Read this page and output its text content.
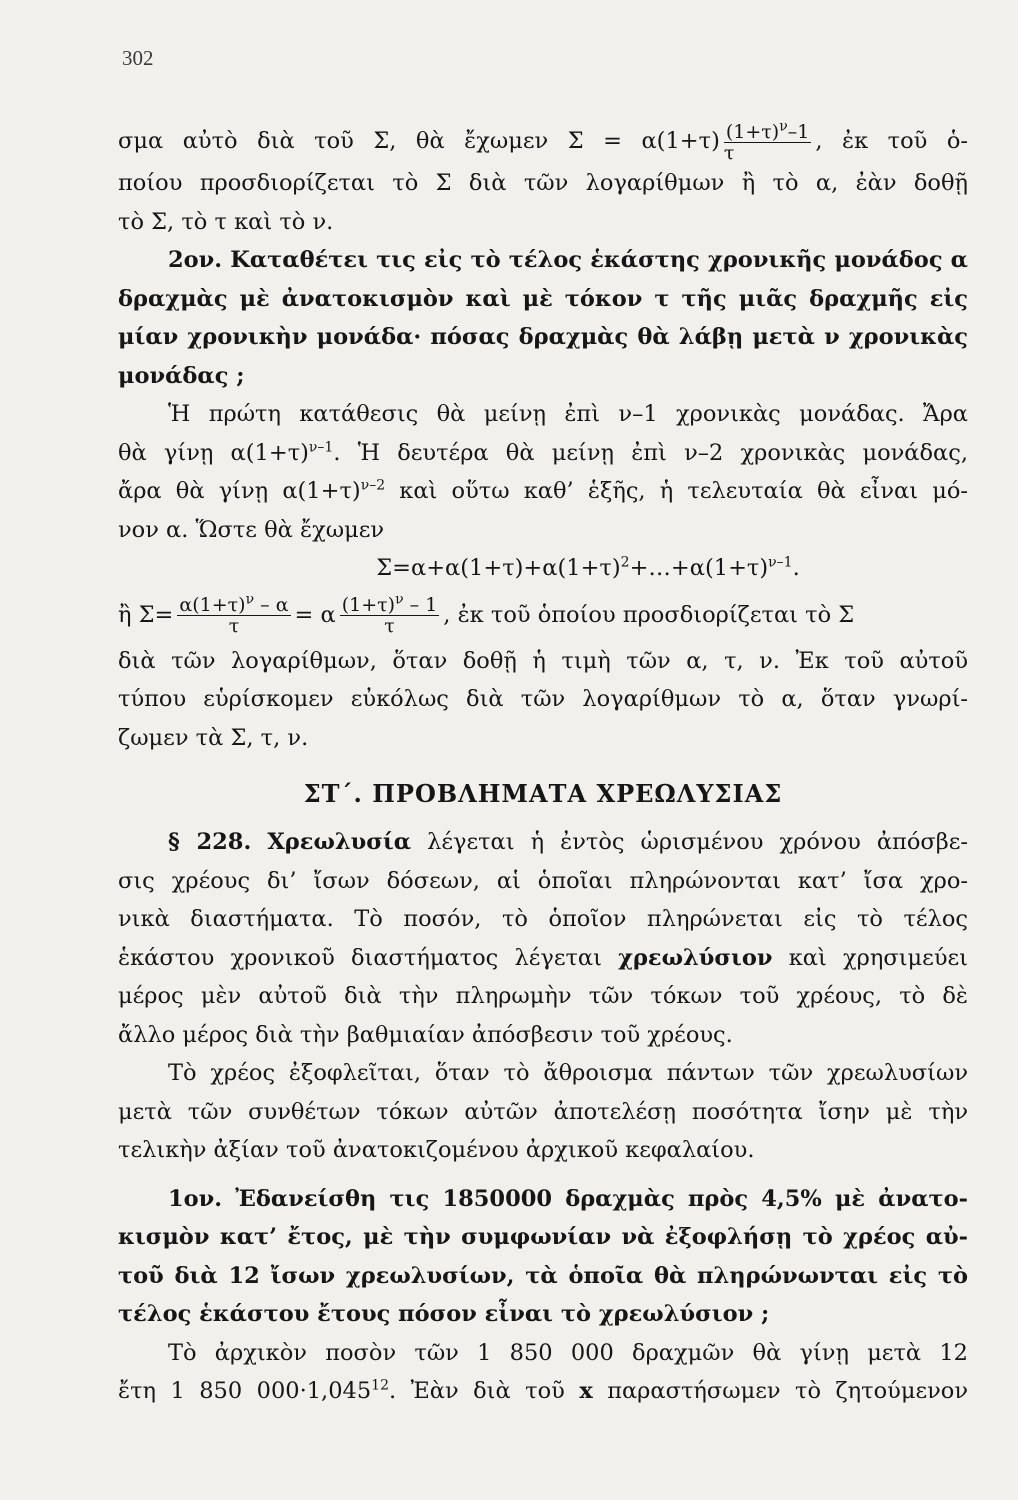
302
σμα αὐτὸ διὰ τοῦ Σ, θὰ ἔχωμεν $\Sigma = \alpha(1+\tau) \frac{(1+\tau)^\nu-1}{\tau}$ , ἐκ τοῦ ὁ-
ποίου προσδιορίζεται τὸ Σ διὰ τῶν λογαρίθμων ἢ τὸ α, ἐὰν δοθῇ
τὸ Σ, τὸ τ καὶ τὸ ν.
2ον. Καταθέτει τις εἰς τὸ τέλος ἑκάστης χρονικῆς μονάδος α
δραχμὰς μὲ ἀνατοκισμὸν καὶ μὲ τόκον τ τῆς μιᾶς δραχμῆς εἰς
μίαν χρονικὴν μονάδα· πόσας δραχμὰς θὰ λάβῃ μετὰ ν χρονικὰς
μονάδας ;
Ἡ πρώτη κατάθεσις θὰ μείνῃ ἐπὶ ν–1 χρονικὰς μονάδας. Ἄρα
θὰ γίνῃ $\alpha(1+\tau)^{\nu-1}$. Ἡ δευτέρα θὰ μείνῃ ἐπὶ ν–2 χρονικὰς μονάδας,
ἄρα θὰ γίνῃ $\alpha(1+\tau)^{\nu-2}$ καὶ οὕτω καθ’ ἑξῆς, ἡ τελευταία θὰ εἶναι μό-
νον α. Ὥστε θὰ ἔχωμεν
$\Sigma=\alpha+\alpha(1+\tau)+\alpha(1+\tau)^2+\dots+\alpha(1+\tau)^{\nu-1}$.
ἢ $\Sigma= \frac{\alpha(1+\tau)^\nu - \alpha}{\tau} = \alpha \frac{(1+\tau)^\nu - 1}{\tau}$ , ἐκ τοῦ ὁποίου προσδιορίζεται τὸ Σ
διὰ τῶν λογαρίθμων, ὅταν δοθῇ ἡ τιμὴ τῶν α, τ, ν. Ἐκ τοῦ αὐτοῦ
τύπου εὑρίσκομεν εὐκόλως διὰ τῶν λογαρίθμων τὸ α, ὅταν γνωρί-
ζωμεν τὰ Σ, τ, ν.
ΣΤ΄. ΠΡΟΒΛΗΜΑΤΑ ΧΡΕΩΛΥΣΙΑΣ
§ 228. Χρεωλυσία λέγεται ἡ ἐντὸς ὡρισμένου χρόνου ἀπόσβε-
σις χρέους δι’ ἴσων δόσεων, αἱ ὁποῖαι πληρώνονται κατ’ ἴσα χρο-
νικὰ διαστήματα. Τὸ ποσόν, τὸ ὁποῖον πληρώνεται εἰς τὸ τέλος
ἑκάστου χρονικοῦ διαστήματος λέγεται χρεωλύσιον καὶ χρησιμεύει
μέρος μὲν αὐτοῦ διὰ τὴν πληρωμὴν τῶν τόκων τοῦ χρέους, τὸ δὲ
ἄλλο μέρος διὰ τὴν βαθμιαίαν ἀπόσβεσιν τοῦ χρέους.
Τὸ χρέος ἐξοφλεῖται, ὅταν τὸ ἄθροισμα πάντων τῶν χρεωλυσίων
μετὰ τῶν συνθέτων τόκων αὐτῶν ἀποτελέσῃ ποσότητα ἴσην μὲ τὴν
τελικὴν ἀξίαν τοῦ ἀνατοκιζομένου ἀρχικοῦ κεφαλαίου.
1ον. Ἐδανείσθη τις 1850000 δραχμὰς πρὸς 4,5% μὲ ἀνατο-
κισμὸν κατ’ ἔτος, μὲ τὴν συμφωνίαν νὰ ἐξοφλήσῃ τὸ χρέος αὐ-
τοῦ διὰ 12 ἴσων χρεωλυσίων, τὰ ὁποῖα θὰ πληρώνωνται εἰς τὸ
τέλος ἑκάστου ἔτους πόσον εἶναι τὸ χρεωλύσιον ;
Τὸ ἀρχικὸν ποσὸν τῶν 1 850 000 δραχμῶν θὰ γίνῃ μετὰ 12
ἔτη 1 850 $000\cdot 1,045^{12}$. Ἐὰν διὰ τοῦ x παραστήσωμεν τὸ ζητούμενον
